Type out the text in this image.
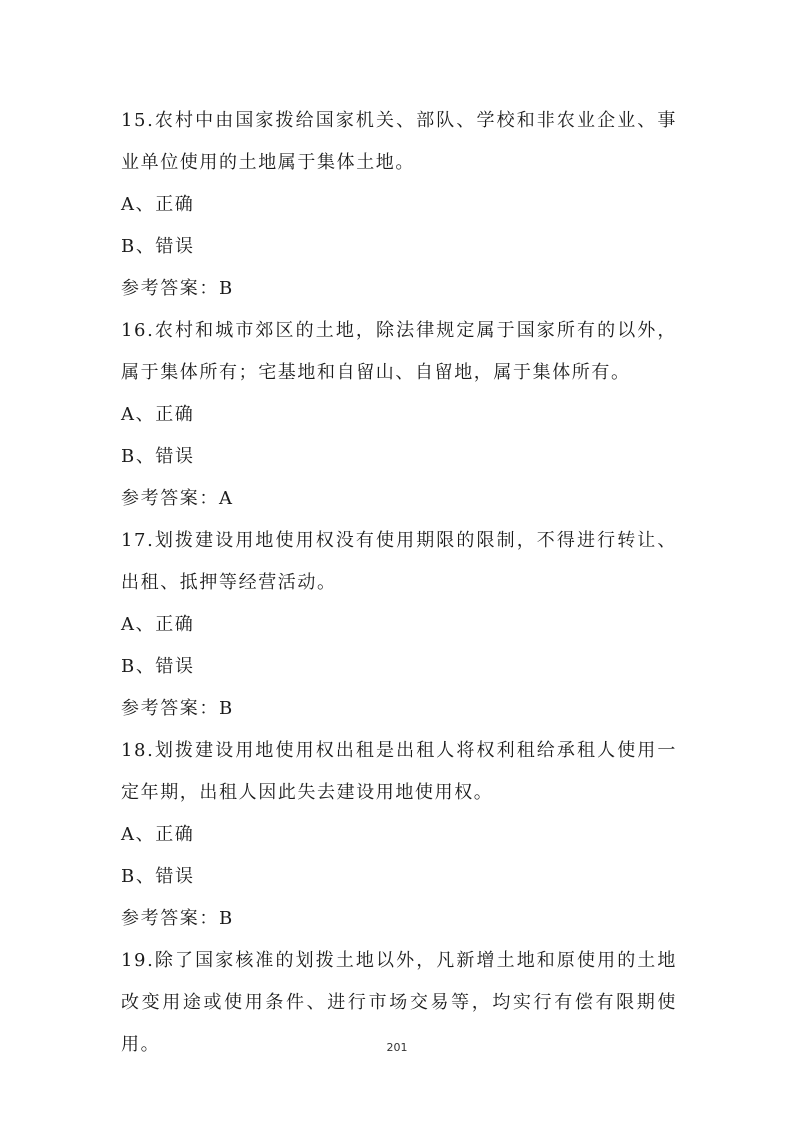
15.农村中由国家拨给国家机关、部队、学校和非农业企业、事业单位使用的土地属于集体土地。

A、正确

B、错误

参考答案：B

16.农村和城市郊区的土地，除法律规定属于国家所有的以外，属于集体所有；宅基地和自留山、自留地，属于集体所有。

A、正确

B、错误

参考答案：A

17.划拨建设用地使用权没有使用期限的限制，不得进行转让、出租、抵押等经营活动。

A、正确

B、错误

参考答案：B

18.划拨建设用地使用权出租是出租人将权利租给承租人使用一定年期，出租人因此失去建设用地使用权。

A、正确

B、错误

参考答案：B

19.除了国家核准的划拨土地以外，凡新增土地和原使用的土地改变用途或使用条件、进行市场交易等，均实行有偿有限期使用。	201
